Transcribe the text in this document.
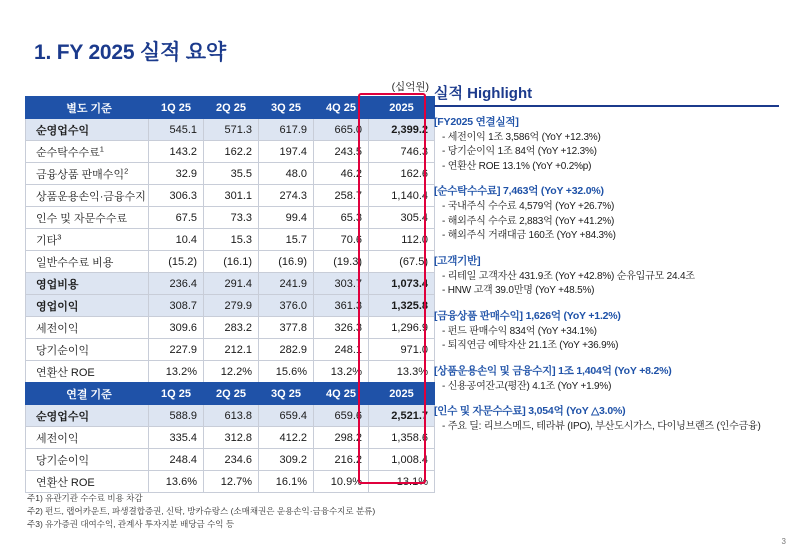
1. FY 2025 실적 요약
(십억원)
별도 기준	1Q 25	2Q 25	3Q 25	4Q 25	2025
순영업수익	545.1	571.3	617.9	665.0	2,399.2
순수탁수수료$^1$	143.2	162.2	197.4	243.5	746.3
금융상품 판매수익$^2$	32.9	35.5	48.0	46.2	162.6
상품운용손익·금융수지	306.3	301.1	274.3	258.7	1,140.4
인수 및 자문수수료	67.5	73.3	99.4	65.3	305.4
기타$^3$	10.4	15.3	15.7	70.6	112.0
일반수수료 비용	(15.2)	(16.1)	(16.9)	(19.3)	(67.5)
영업비용	236.4	291.4	241.9	303.7	1,073.4
영업이익	308.7	279.9	376.0	361.3	1,325.8
세전이익	309.6	283.2	377.8	326.3	1,296.9
당기순이익	227.9	212.1	282.9	248.1	971.0
연환산 ROE	13.2%	12.2%	15.6%	13.2%	13.3%
연결 기준	1Q 25	2Q 25	3Q 25	4Q 25	2025
순영업수익	588.9	613.8	659.4	659.6	2,521.7
세전이익	335.4	312.8	412.2	298.2	1,358.6
당기순이익	248.4	234.6	309.2	216.2	1,008.4
연환산 ROE	13.6%	12.7%	16.1%	10.9%	13.1%
주1) 유관기관 수수료 비용 차감
주2) 펀드, 랩어카운트, 파생결합증권, 신탁, 방카슈랑스 (소매채권은 운용손익·금융수지로 분류)
주3) 유가증권 대여수익, 관계사 투자지분 배당금 수익 등
실적 Highlight
[FY2025 연결실적]
- 세전이익 1조 3,586억 (YoY +12.3%)
- 당기순이익 1조 84억 (YoY +12.3%)
- 연환산 ROE 13.1% (YoY +0.2%p)
[순수탁수수료] 7,463억 (YoY +32.0%)
- 국내주식 수수료 4,579억 (YoY +26.7%)
- 해외주식 수수료 2,883억 (YoY +41.2%)
- 해외주식 거래대금 160조 (YoY +84.3%)
[고객기반]
- 리테일 고객자산 431.9조 (YoY +42.8%) 순유입규모 24.4조
- HNW 고객 39.0만명 (YoY +48.5%)
[금융상품 판매수익] 1,626억 (YoY +1.2%)
- 펀드 판매수익 834억 (YoY +34.1%)
- 퇴직연금 예탁자산 21.1조 (YoY +36.9%)
[상품운용손익 및 금융수지] 1조 1,404억 (YoY +8.2%)
- 신용공여잔고(평잔) 4.1조 (YoY +1.9%)
[인수 및 자문수수료] 3,054억 (YoY △3.0%)
- 주요 딜: 리브스메드, 테라뷰 (IPO), 부산도시가스, 다이닝브랜즈 (인수금융)
3
